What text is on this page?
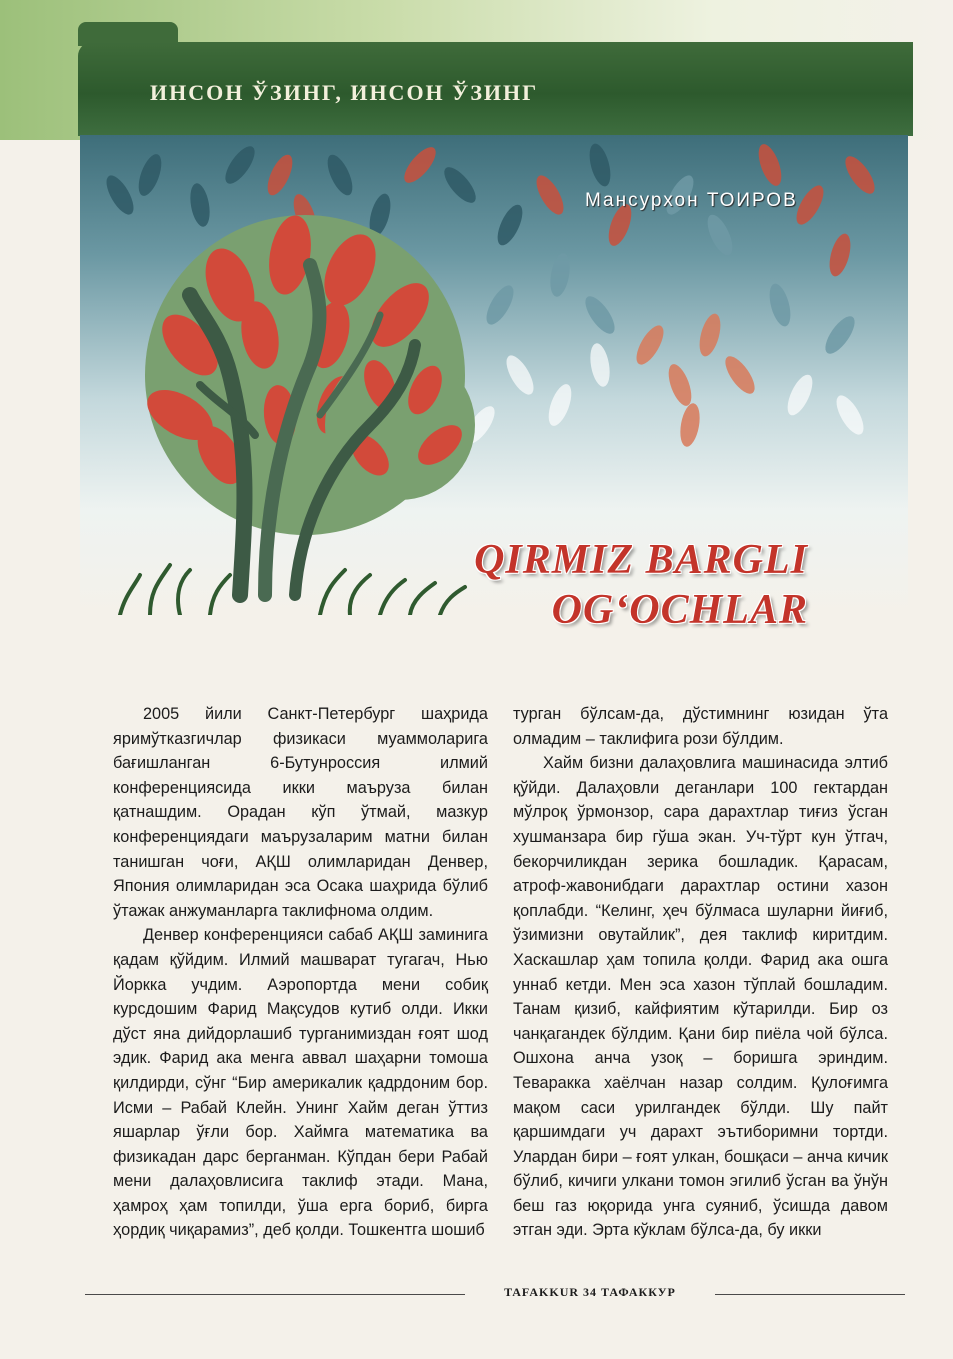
ИНСОН ЎЗИНГ, ИНСОН ЎЗИНГ
Мансурхон ТОИРОВ
QIRMIZ BARGLI
OG‘OCHLAR

2005 йили Санкт-Петербург шаҳрида яримўтказгичлар физикаси муаммоларига бағишланган 6-Бутунроссия илмий конференциясида икки маъруза билан қатнашдим. Орадан кўп ўтмай, мазкур конференциядаги маърузаларим матни билан танишган чоғи, АҚШ олимларидан Денвер, Япония олимларидан эса Осака шаҳрида бўлиб ўтажак анжуманларга таклифнома олдим.

Денвер конференцияси сабаб АҚШ заминига қадам қўйдим. Илмий машварат тугагач, Нью Йоркка учдим. Аэропортда мени собиқ курсдошим Фарид Мақсудов кутиб олди. Икки дўст яна дийдорлашиб турганимиздан ғоят шод эдик. Фарид ака менга аввал шаҳарни томоша қилдирди, сўнг “Бир америкалик қадрдоним бор. Исми – Рабай Клейн. Унинг Хайм деган ўттиз яшарлар ўғли бор. Хаймга математика ва физикадан дарс берганман. Кўпдан бери Рабай мени далаҳовлисига таклиф этади. Мана, ҳамроҳ ҳам топилди, ўша ерга бориб, бирга ҳордиқ чиқарамиз”, деб қолди. Тошкентга шошиб

турган бўлсам-да, дўстимнинг юзидан ўта олмадим – таклифига рози бўлдим.

Хайм бизни далаҳовлига машинасида элтиб қўйди. Далаҳовли деганлари 100 гектардан мўлроқ ўрмонзор, сара дарахтлар тиғиз ўсган хушманзара бир гўша экан. Уч-тўрт кун ўтгач, бекорчиликдан зерика бошладик. Қарасам, атроф-жавонибдаги дарахтлар остини хазон қоплабди. “Келинг, ҳеч бўлмаса шуларни йиғиб, ўзимизни овутайлик”, дея таклиф киритдим. Хаскашлар ҳам топила қолди. Фарид ака ошга уннаб кетди. Мен эса хазон тўплай бошладим. Танам қизиб, кайфиятим кўтарилди. Бир оз чанқагандек бўлдим. Қани бир пиёла чой бўлса. Ошхона анча узоқ – боришга эриндим. Теваракка хаёлчан назар солдим. Қулоғимга мақом саси урилгандек бўлди. Шу пайт қаршимдаги уч дарахт эътиборимни тортди. Улардан бири – ғоят улкан, бошқаси – анча кичик бўлиб, кичиги улкани томон эгилиб ўсган ва ўнўн беш газ юқорида унга суяниб, ўсишда давом этган эди. Эрта кўклам бўлса-да, бу икки

TAFAKKUR 34 ТАФАККУР
